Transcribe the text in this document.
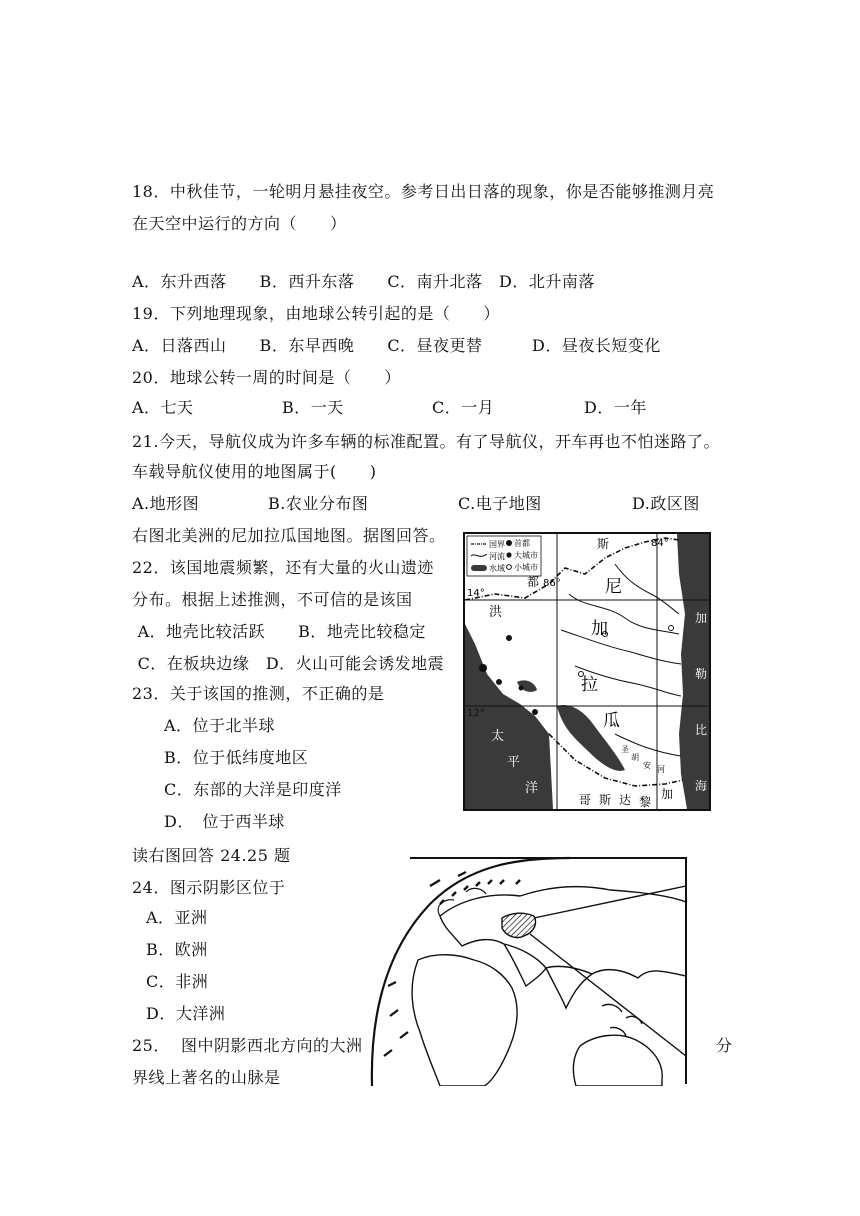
18．中秋佳节，一轮明月悬挂夜空。参考日出日落的现象，你是否能够推测月亮
在天空中运行的方向（　　）
A．东升西落　　B．西升东落　　C．南升北落　D．北升南落
19．下列地理现象，由地球公转引起的是（　　）
A．日落西山　　B．东早西晚　　C．昼夜更替　　　D．昼夜长短变化
20．地球公转一周的时间是（　　）
A．七天	B．一天	C．一月	D．一年
21.今天，导航仪成为许多车辆的标准配置。有了导航仪，开车再也不怕迷路了。
车载导航仪使用的地图属于(　　)
A.地形图	B.农业分布图	C.电子地图	D.政区图
右图北美洲的尼加拉瓜国地图。据图回答。
22．该国地震频繁，还有大量的火山遗迹
分布。根据上述推测，不可信的是该国
A．地壳比较活跃　　B．地壳比较稳定
C．在板块边缘　D．火山可能会诱发地震
23．关于该国的推测，不正确的是
A．位于北半球
B．位于低纬度地区
C．东部的大洋是印度洋
D．　位于西半球
国界
河流
水域
首都
大城市
小城市
84°
86°
14°
12°
斯
都
洪
尼
加
拉
瓜
太
平
洋
哥 斯 达 黎
加
加
勒
比
海
圣
胡
安 河
读右图回答 24.25 题
24．图示阴影区位于
A．亚洲
B．欧洲
C．非洲
D．大洋洲
25．  图中阴影西北方向的大洲	分
界线上著名的山脉是
